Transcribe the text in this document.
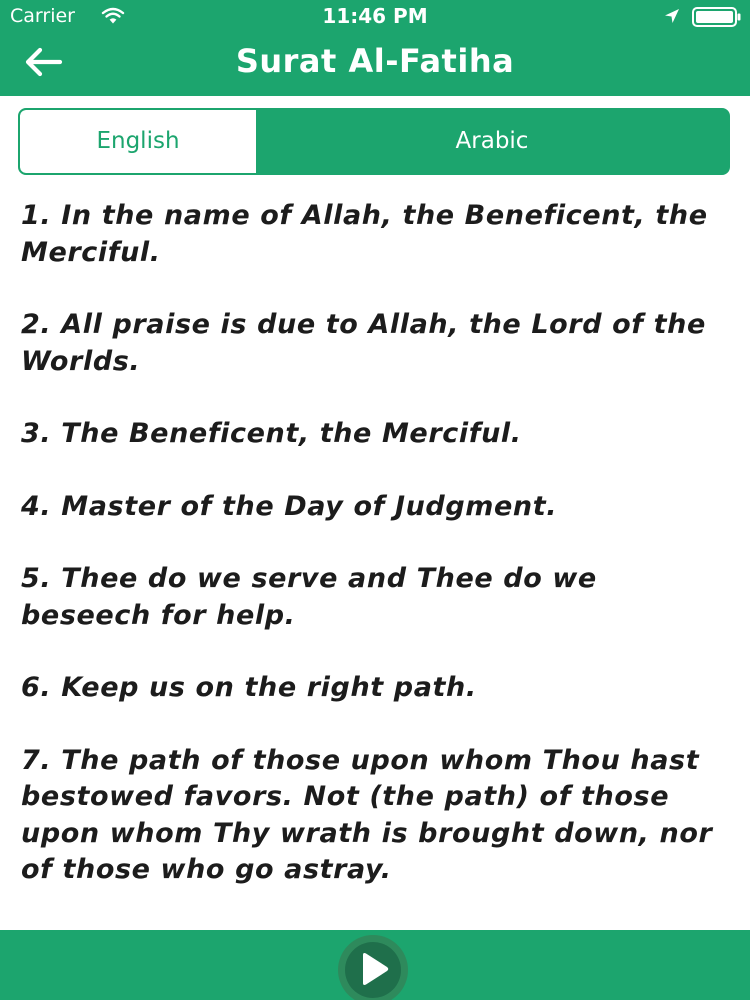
Carrier	11:46 PM
Surat Al-Fatiha
English	Arabic

1. In the name of Allah, the Beneficent, the Merciful.

2. All praise is due to Allah, the Lord of the Worlds.

3. The Beneficent, the Merciful.

4. Master of the Day of Judgment.

5. Thee do we serve and Thee do we beseech for help.

6. Keep us on the right path.

7. The path of those upon whom Thou hast bestowed favors. Not (the path) of those upon whom Thy wrath is brought down, nor of those who go astray.
